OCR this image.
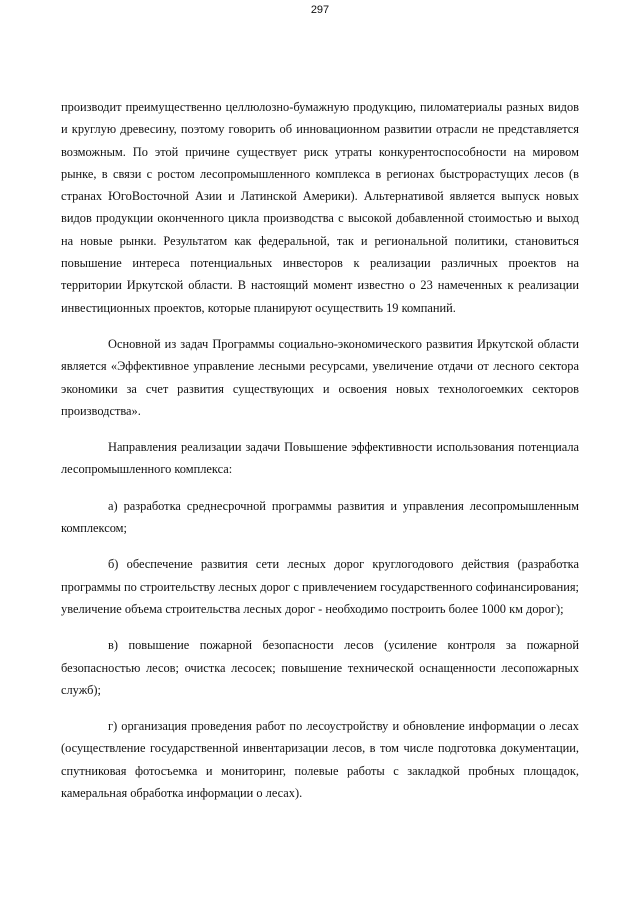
297

производит преимущественно целлюлозно-бумажную продукцию, пиломатериалы разных видов и круглую древесину, поэтому говорить об инновационном развитии отрасли не представляется возможным. По этой причине существует риск утраты конкурентоспособности на мировом рынке, в связи с ростом лесопромышленного комплекса в регионах быстрорастущих лесов (в странах ЮгоВосточной Азии и Латинской Америки). Альтернативой является выпуск новых видов продукции оконченного цикла производства с высокой добавленной стоимостью и выход на новые рынки. Результатом как федеральной, так и региональной политики, становиться повышение интереса потенциальных инвесторов к реализации различных проектов на территории Иркутской области. В настоящий момент известно о 23 намеченных к реализации инвестиционных проектов, которые планируют осуществить 19 компаний.

Основной из задач Программы социально-экономического развития Иркутской области является «Эффективное управление лесными ресурсами, увеличение отдачи от лесного сектора экономики за счет развития существующих и освоения новых технологоемких секторов производства».

Направления реализации задачи Повышение эффективности использования потенциала лесопромышленного комплекса:

а) разработка среднесрочной программы развития и управления лесопромышленным комплексом;

б) обеспечение развития сети лесных дорог круглогодового действия (разработка программы по строительству лесных дорог с привлечением государственного софинансирования; увеличение объема строительства лесных дорог - необходимо построить более 1000 км дорог);

в) повышение пожарной безопасности лесов (усиление контроля за пожарной безопасностью лесов; очистка лесосек; повышение технической оснащенности лесопожарных служб);

г) организация проведения работ по лесоустройству и обновление информации о лесах (осуществление государственной инвентаризации лесов, в том числе подготовка документации, спутниковая фотосъемка и мониторинг, полевые работы с закладкой пробных площадок, камеральная обработка информации о лесах).
